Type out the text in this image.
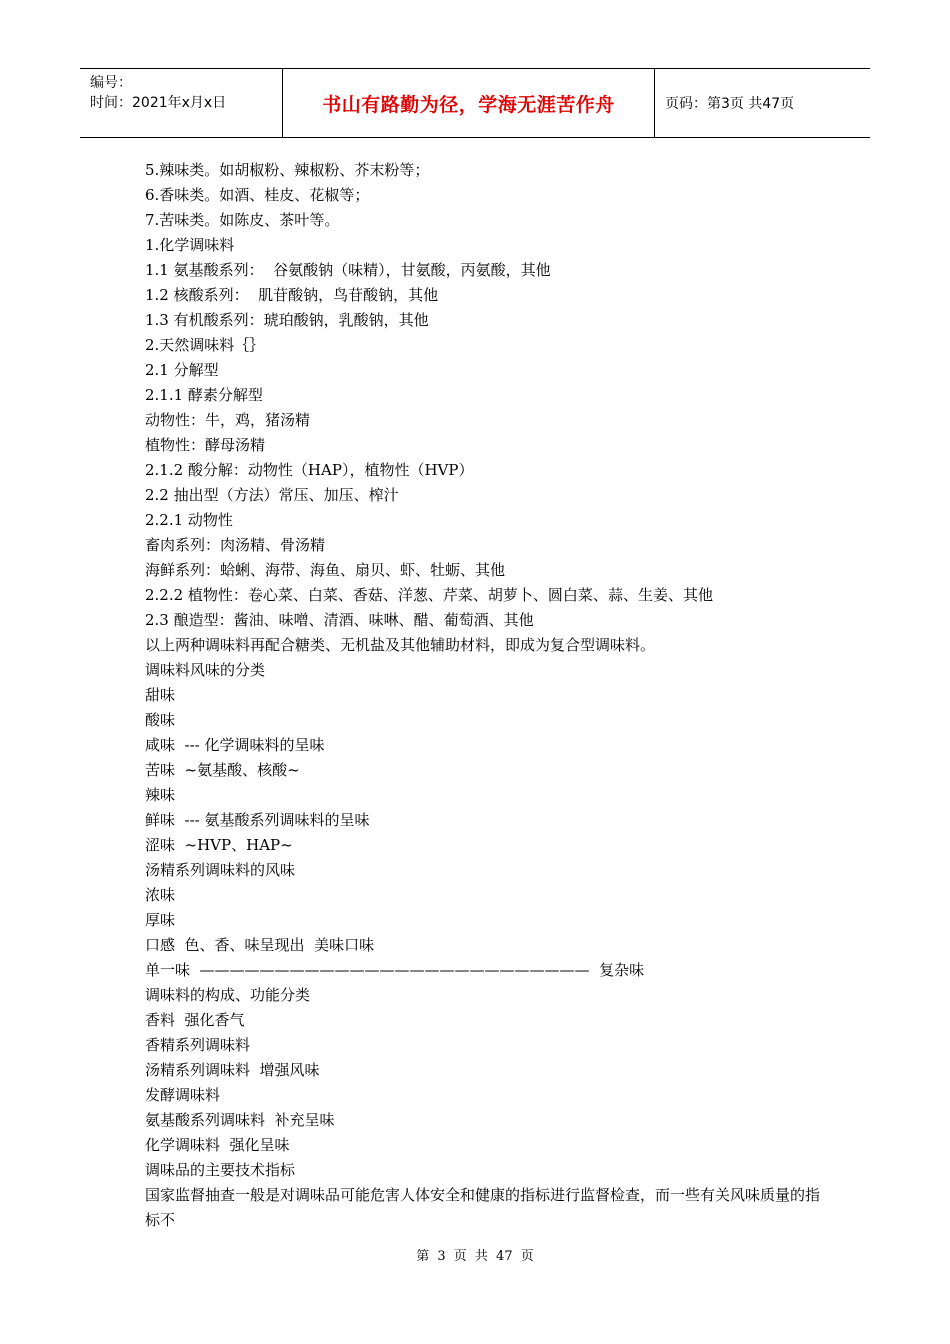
编号：
时间：2021年x月x日	书山有路勤为径，学海无涯苦作舟	页码：第3页 共47页
5.辣味类。如胡椒粉、辣椒粉、芥末粉等；
6.香味类。如酒、桂皮、花椒等；
7.苦味类。如陈皮、茶叶等。
1.化学调味料
1.1 氨基酸系列：  谷氨酸钠（味精），甘氨酸，丙氨酸，其他
1.2 核酸系列：  肌苷酸钠，鸟苷酸钠，其他
1.3 有机酸系列：琥珀酸钠，乳酸钠，其他
2.天然调味料｛｝
2.1 分解型
2.1.1 酵素分解型
动物性：牛，鸡，猪汤精
植物性：酵母汤精
2.1.2 酸分解：动物性（HAP），植物性（HVP）
2.2 抽出型（方法）常压、加压、榨汁
2.2.1 动物性
畜肉系列：肉汤精、骨汤精
海鲜系列：蛤蜊、海带、海鱼、扇贝、虾、牡蛎、其他
2.2.2 植物性：卷心菜、白菜、香菇、洋葱、芹菜、胡萝卜、圆白菜、蒜、生姜、其他
2.3 酿造型：酱油、味噌、清酒、味啉、醋、葡萄酒、其他
以上两种调味料再配合糖类、无机盐及其他辅助材料，即成为复合型调味料。
调味料风味的分类
甜味
酸味
咸味  --- 化学调味料的呈味
苦味  ~氨基酸、核酸~
辣味
鲜味  --- 氨基酸系列调味料的呈味
涩味  ~HVP、HAP~
汤精系列调味料的风味
浓味
厚味
口感  色、香、味呈现出  美味口味
单一味  ——————————————————————————  复杂味
调味料的构成、功能分类
香料  强化香气
香精系列调味料
汤精系列调味料  增强风味
发酵调味料
氨基酸系列调味料  补充呈味
化学调味料  强化呈味
调味品的主要技术指标
国家监督抽查一般是对调味品可能危害人体安全和健康的指标进行监督检查，而一些有关风味质量的指标不
第 3 页 共 47 页
